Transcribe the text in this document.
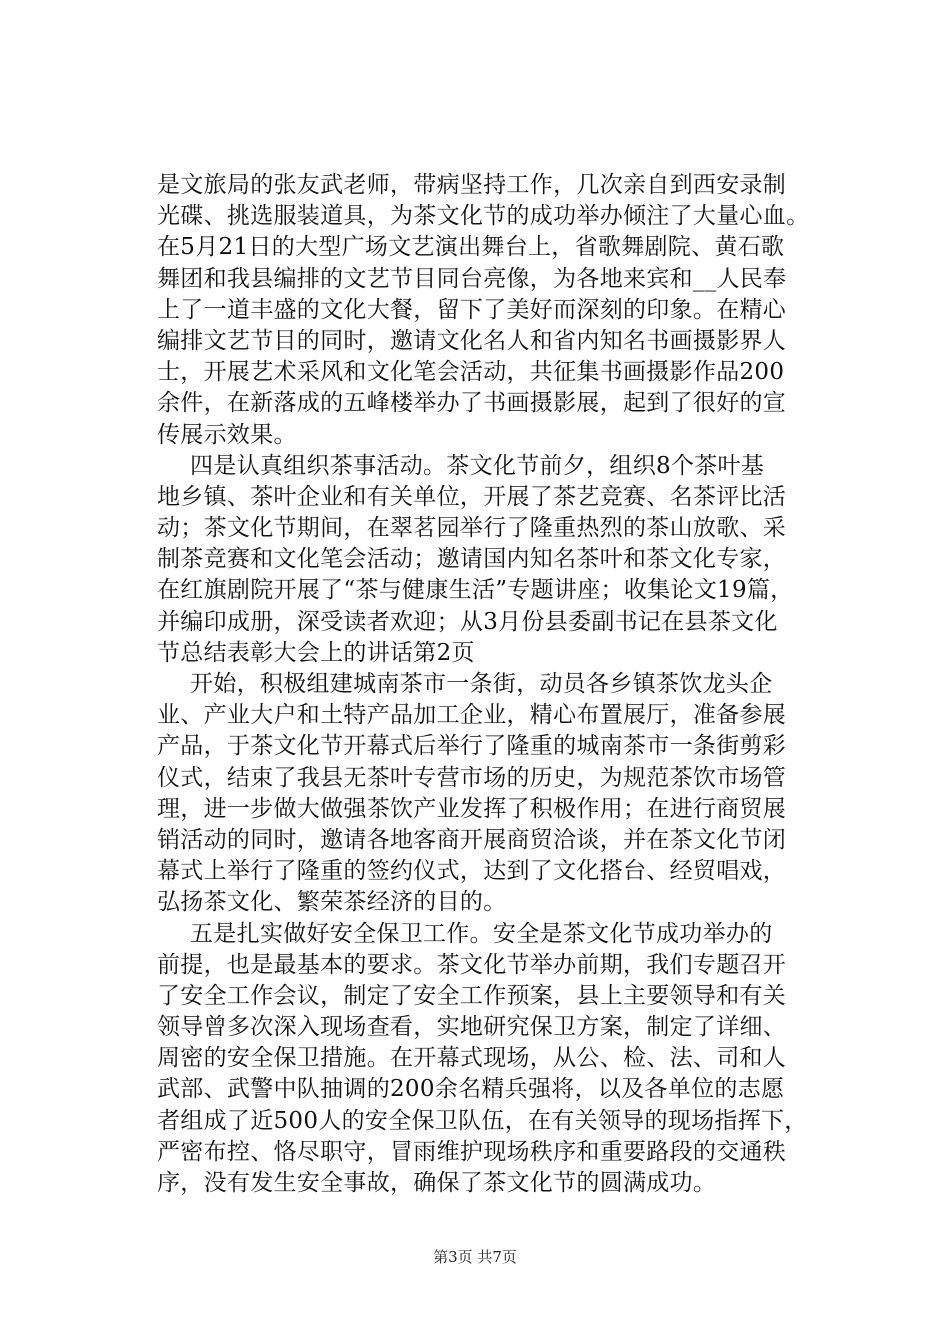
是文旅局的张友武老师，带病坚持工作，几次亲自到西安录制
光碟、挑选服装道具，为茶文化节的成功举办倾注了大量心血。
在5月21日的大型广场文艺演出舞台上，省歌舞剧院、黄石歌
舞团和我县编排的文艺节目同台亮像，为各地来宾和__人民奉
上了一道丰盛的文化大餐，留下了美好而深刻的印象。在精心
编排文艺节目的同时，邀请文化名人和省内知名书画摄影界人
士，开展艺术采风和文化笔会活动，共征集书画摄影作品200
余件，在新落成的五峰楼举办了书画摄影展，起到了很好的宣
传展示效果。
四是认真组织茶事活动。茶文化节前夕，组织8个茶叶基
地乡镇、茶叶企业和有关单位，开展了茶艺竞赛、名茶评比活
动；茶文化节期间，在翠茗园举行了隆重热烈的茶山放歌、采
制茶竞赛和文化笔会活动；邀请国内知名茶叶和茶文化专家，
在红旗剧院开展了“茶与健康生活”专题讲座；收集论文19篇，
并编印成册，深受读者欢迎；从3月份县委副书记在县茶文化
节总结表彰大会上的讲话第2页
开始，积极组建城南茶市一条街，动员各乡镇茶饮龙头企
业、产业大户和土特产品加工企业，精心布置展厅，准备参展
产品，于茶文化节开幕式后举行了隆重的城南茶市一条街剪彩
仪式，结束了我县无茶叶专营市场的历史，为规范茶饮市场管
理，进一步做大做强茶饮产业发挥了积极作用；在进行商贸展
销活动的同时，邀请各地客商开展商贸洽谈，并在茶文化节闭
幕式上举行了隆重的签约仪式，达到了文化搭台、经贸唱戏，
弘扬茶文化、繁荣茶经济的目的。
五是扎实做好安全保卫工作。安全是茶文化节成功举办的
前提，也是最基本的要求。茶文化节举办前期，我们专题召开
了安全工作会议，制定了安全工作预案，县上主要领导和有关
领导曾多次深入现场查看，实地研究保卫方案，制定了详细、
周密的安全保卫措施。在开幕式现场，从公、检、法、司和人
武部、武警中队抽调的200余名精兵强将，以及各单位的志愿
者组成了近500人的安全保卫队伍，在有关领导的现场指挥下，
严密布控、恪尽职守，冒雨维护现场秩序和重要路段的交通秩
序，没有发生安全事故，确保了茶文化节的圆满成功。
第3页 共7页
